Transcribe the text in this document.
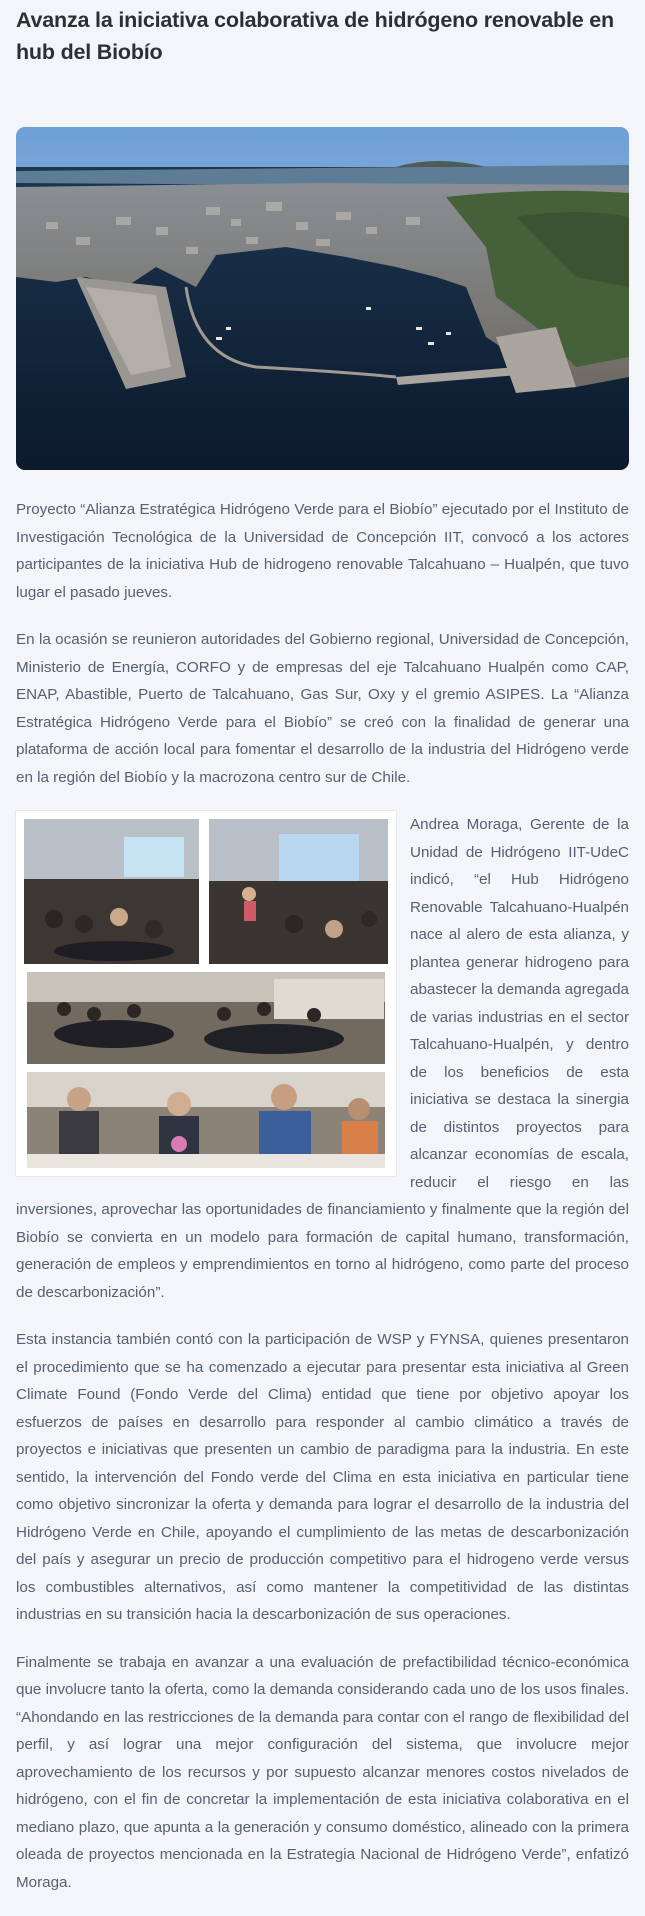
Avanza la iniciativa colaborativa de hidrógeno renovable en hub del Biobío

Proyecto “Alianza Estratégica Hidrógeno Verde para el Biobío” ejecutado por el Instituto de Investigación Tecnológica de la Universidad de Concepción IIT, convocó a los actores participantes de la iniciativa Hub de hidrogeno renovable Talcahuano – Hualpén, que tuvo lugar el pasado jueves.

En la ocasión se reunieron autoridades del Gobierno regional, Universidad de Concepción, Ministerio de Energía, CORFO y de empresas del eje Talcahuano Hualpén como CAP, ENAP, Abastible, Puerto de Talcahuano, Gas Sur, Oxy y el gremio ASIPES. La “Alianza Estratégica Hidrógeno Verde para el Biobío” se creó con la finalidad de generar una plataforma de acción local para fomentar el desarrollo de la industria del Hidrógeno verde en la región del Biobío y la macrozona centro sur de Chile.

Andrea Moraga, Gerente de la Unidad de Hidrógeno IIT-UdeC indicó, “el Hub Hidrógeno Renovable Talcahuano-Hualpén nace al alero de esta alianza, y plantea generar hidrogeno para abastecer la demanda agregada de varias industrias en el sector Talcahuano-Hualpén, y dentro de los beneficios de esta iniciativa se destaca la sinergia de distintos proyectos para alcanzar economías de escala, reducir el riesgo en las inversiones, aprovechar las oportunidades de financiamiento y finalmente que la región del Biobío se convierta en un modelo para formación de capital humano, transformación, generación de empleos y emprendimientos en torno al hidrógeno, como parte del proceso de descarbonización”.

Esta instancia también contó con la participación de WSP y FYNSA, quienes presentaron el procedimiento que se ha comenzado a ejecutar para presentar esta iniciativa al Green Climate Found (Fondo Verde del Clima) entidad que tiene por objetivo apoyar los esfuerzos de países en desarrollo para responder al cambio climático a través de proyectos e iniciativas que presenten un cambio de paradigma para la industria. En este sentido, la intervención del Fondo verde del Clima en esta iniciativa en particular tiene como objetivo sincronizar la oferta y demanda para lograr el desarrollo de la industria del Hidrógeno Verde en Chile, apoyando el cumplimiento de las metas de descarbonización del país y asegurar un precio de producción competitivo para el hidrogeno verde versus los combustibles alternativos, así como mantener la competitividad de las distintas industrias en su transición hacia la descarbonización de sus operaciones.

Finalmente se trabaja en avanzar a una evaluación de prefactibilidad técnico-económica que involucre tanto la oferta, como la demanda considerando cada uno de los usos finales. “Ahondando en las restricciones de la demanda para contar con el rango de flexibilidad del perfil, y así lograr una mejor configuración del sistema, que involucre mejor aprovechamiento de los recursos y por supuesto alcanzar menores costos nivelados de hidrógeno, con el fin de concretar la implementación de esta iniciativa colaborativa en el mediano plazo, que apunta a la generación y consumo doméstico, alineado con la primera oleada de proyectos mencionada en la Estrategia Nacional de Hidrógeno Verde”, enfatizó Moraga.
